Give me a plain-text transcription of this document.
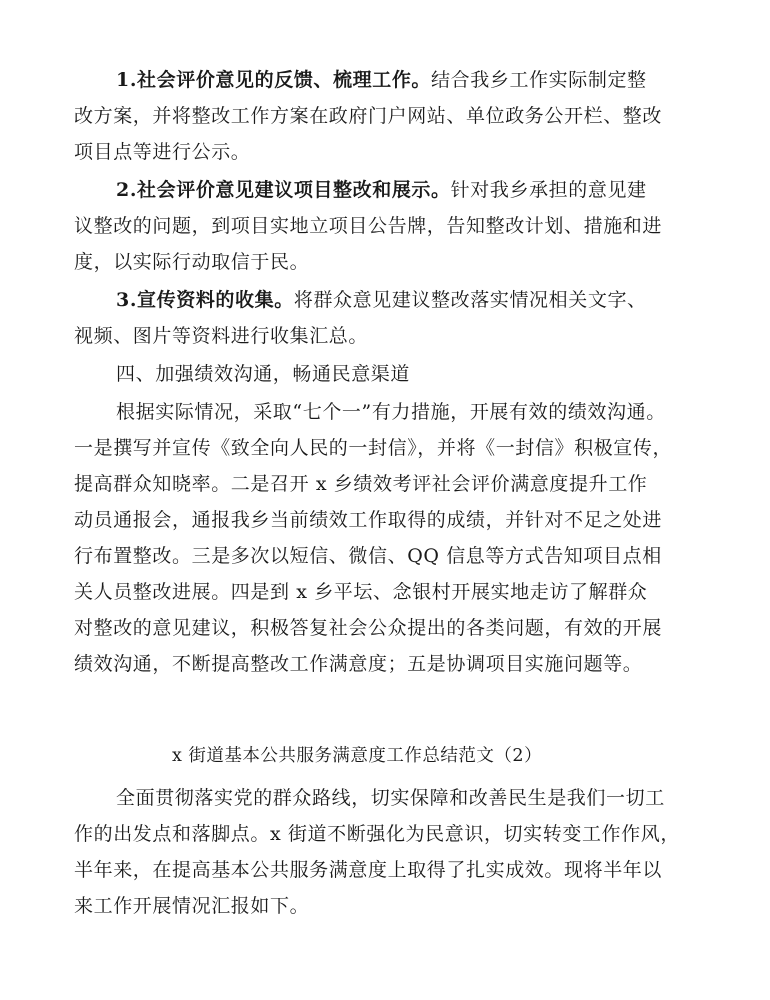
1.社会评价意见的反馈、梳理工作。结合我乡工作实际制定整
改方案，并将整改工作方案在政府门户网站、单位政务公开栏、整改
项目点等进行公示。
2.社会评价意见建议项目整改和展示。针对我乡承担的意见建
议整改的问题，到项目实地立项目公告牌，告知整改计划、措施和进
度，以实际行动取信于民。
3.宣传资料的收集。将群众意见建议整改落实情况相关文字、
视频、图片等资料进行收集汇总。
四、加强绩效沟通，畅通民意渠道
根据实际情况，采取“七个一”有力措施，开展有效的绩效沟通。
一是撰写并宣传《致全向人民的一封信》，并将《一封信》积极宣传，
提高群众知晓率。二是召开 x 乡绩效考评社会评价满意度提升工作
动员通报会，通报我乡当前绩效工作取得的成绩，并针对不足之处进
行布置整改。三是多次以短信、微信、QQ 信息等方式告知项目点相
关人员整改进展。四是到 x 乡平坛、念银村开展实地走访了解群众
对整改的意见建议，积极答复社会公众提出的各类问题，有效的开展
绩效沟通，不断提高整改工作满意度；五是协调项目实施问题等。
x 街道基本公共服务满意度工作总结范文（2）
全面贯彻落实党的群众路线，切实保障和改善民生是我们一切工
作的出发点和落脚点。x 街道不断强化为民意识，切实转变工作作风，
半年来，在提高基本公共服务满意度上取得了扎实成效。现将半年以
来工作开展情况汇报如下。
